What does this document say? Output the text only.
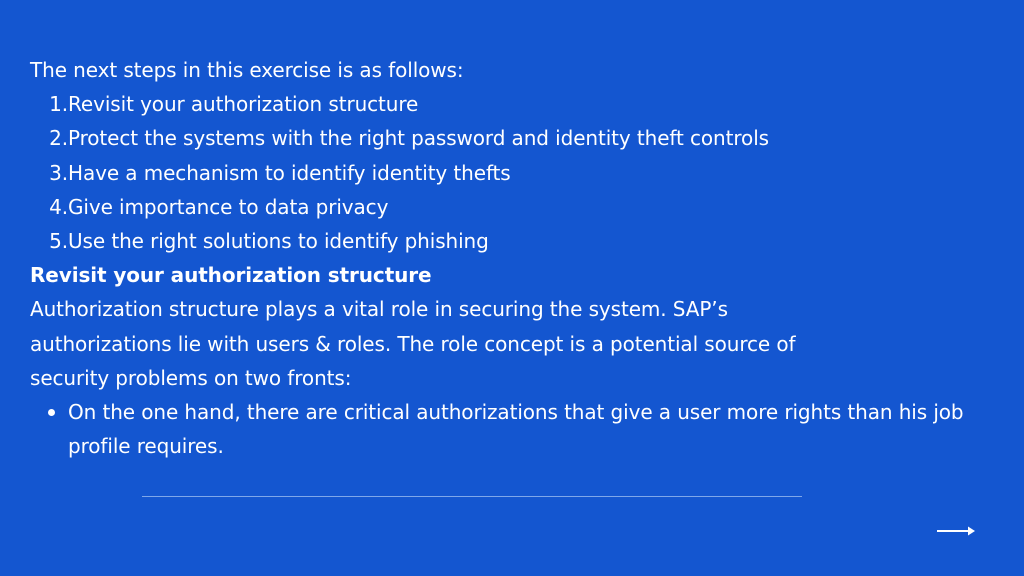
The next steps in this exercise is as follows:
1. Revisit your authorization structure
2. Protect the systems with the right password and identity theft controls
3. Have a mechanism to identify identity thefts
4. Give importance to data privacy
5. Use the right solutions to identify phishing
Revisit your authorization structure
Authorization structure plays a vital role in securing the system. SAP’s
authorizations lie with users & roles. The role concept is a potential source of
security problems on two fronts:
On the one hand, there are critical authorizations that give a user more rights than his job profile requires.
